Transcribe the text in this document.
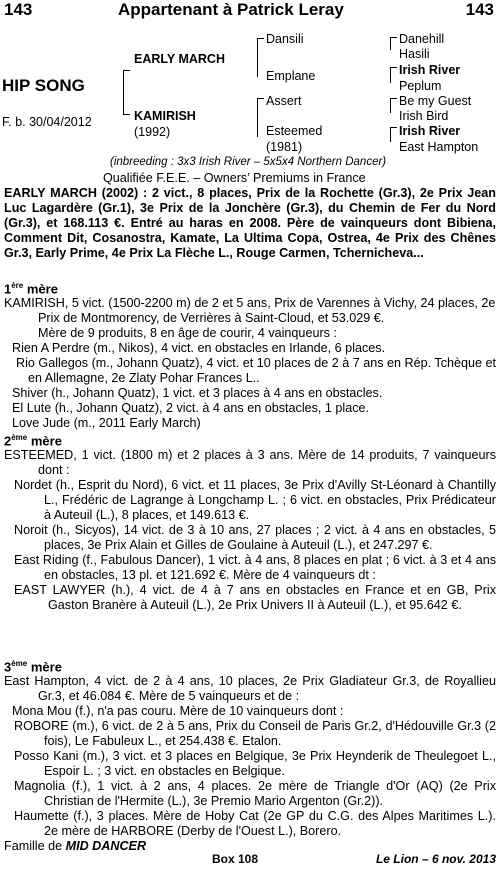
143	Appartenant à Patrick Leray	143
HIP SONG
F. b. 30/04/2012
EARLY MARCH
KAMIRISH
(1992)
Dansili
Emplane
Assert
Esteemed
(1981)
Danehill
Hasili
Irish River
Peplum
Be my Guest
Irish Bird
Irish River
East Hampton
(inbreeding : 3x3 Irish River – 5x5x4 Northern Dancer)
Qualifiée F.E.E. – Owners’ Premiums in France
EARLY MARCH (2002) : 2 vict., 8 places, Prix de la Rochette (Gr.3), 2e Prix Jean Luc Lagardère (Gr.1), 3e Prix de la Jonchère (Gr.3), du Chemin de Fer du Nord (Gr.3), et 168.113 €. Entré au haras en 2008. Père de vainqueurs dont Bibiena, Comment Dit, Cosanostra, Kamate, La Ultima Copa, Ostrea, 4e Prix des Chênes Gr.3, Early Prime, 4e Prix La Flèche L., Rouge Carmen, Tchernicheva...
1ère mère
KAMIRISH, 5 vict. (1500-2200 m) de 2 et 5 ans, Prix de Varennes à Vichy, 24 places, 2e Prix de Montmorency, de Verrières à Saint-Cloud, et 53.029 €.
Mère de 9 produits, 8 en âge de courir, 4 vainqueurs :
Rien A Perdre (m., Nikos), 4 vict. en obstacles en Irlande, 6 places.
Rio Gallegos (m., Johann Quatz), 4 vict. et 10 places de 2 à 7 ans en Rép. Tchèque et en Allemagne, 2e Zlaty Pohar Frances L..
Shiver (h., Johann Quatz), 1 vict. et 3 places à 4 ans en obstacles.
El Lute (h., Johann Quatz), 2 vict. à 4 ans en obstacles, 1 place.
Love Jude (m., 2011 Early March)
2ème mère
ESTEEMED, 1 vict. (1800 m) et 2 places à 3 ans. Mère de 14 produits, 7 vainqueurs dont :
Nordet (h., Esprit du Nord), 6 vict. et 11 places, 3e Prix d'Avilly St-Léonard à Chantilly L., Frédéric de Lagrange à Longchamp L. ; 6 vict. en obstacles, Prix Prédicateur à Auteuil (L.), 8 places, et 149.613 €.
Noroit (h., Sicyos), 14 vict. de 3 à 10 ans, 27 places ; 2 vict. à 4 ans en obstacles, 5 places, 3e Prix Alain et Gilles de Goulaine à Auteuil (L.), et 247.297 €.
East Riding (f., Fabulous Dancer), 1 vict. à 4 ans, 8 places en plat ; 6 vict. à 3 et 4 ans en obstacles, 13 pl. et 121.692 €. Mère de 4 vainqueurs dt :
EAST LAWYER (h.), 4 vict. de 4 à 7 ans en obstacles en France et en GB, Prix Gaston Branère à Auteuil (L.), 2e Prix Univers II à Auteuil (L.), et 95.642 €.
3ème mère
East Hampton, 4 vict. de 2 à 4 ans, 10 places, 2e Prix Gladiateur Gr.3, de Royallieu Gr.3, et 46.084 €. Mère de 5 vainqueurs et de :
Mona Mou (f.), n'a pas couru. Mère de 10 vainqueurs dont :
ROBORE (m.), 6 vict. de 2 à 5 ans, Prix du Conseil de Paris Gr.2, d'Hédouville Gr.3 (2 fois), Le Fabuleux L., et 254.438 €. Etalon.
Posso Kani (m.), 3 vict. et 3 places en Belgique, 3e Prix Heynderik de Theulegoet L., Espoir L. ; 3 vict. en obstacles en Belgique.
Magnolia (f.), 1 vict. à 2 ans, 4 places. 2e mère de Triangle d'Or (AQ) (2e Prix Christian de l'Hermite (L.), 3e Premio Mario Argenton (Gr.2)).
Haumette (f.), 3 places. Mère de Hoby Cat (2e GP du C.G. des Alpes Maritimes L.). 2e mère de HARBORE (Derby de l'Ouest L.), Borero.
Famille de MID DANCER
Box 108	Le Lion – 6 nov. 2013
